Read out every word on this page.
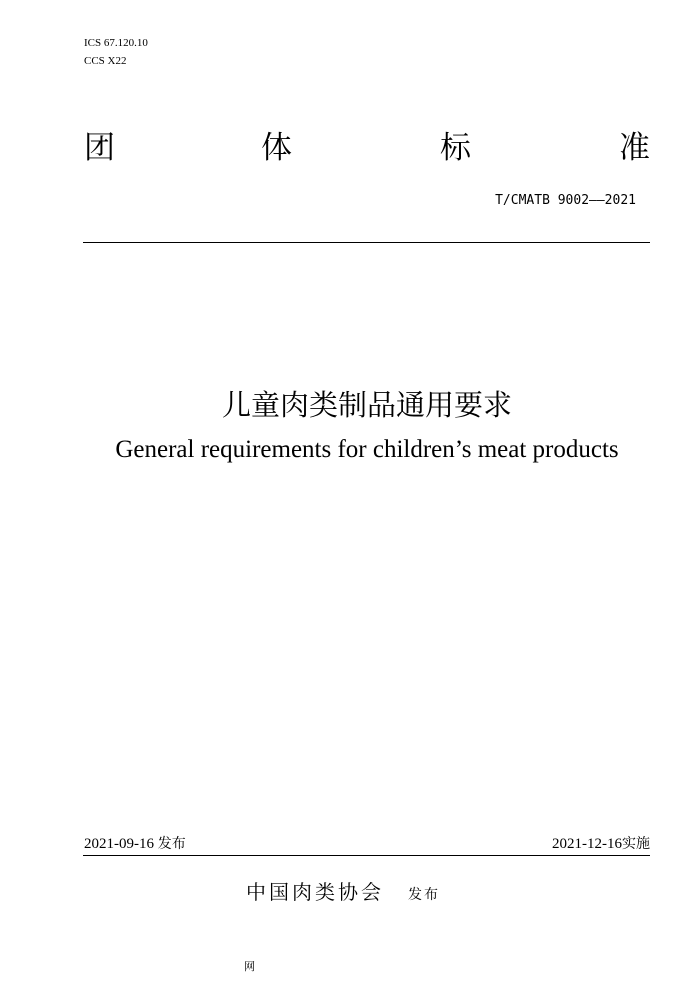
ICS 67.120.10
CCS X22
团	体	标	准
T/CMATB 9002——2021
儿童肉类制品通用要求
General requirements for children’s meat products
2021-09-16 发布	2021-12-16实施
中国肉类协会 发布
网
